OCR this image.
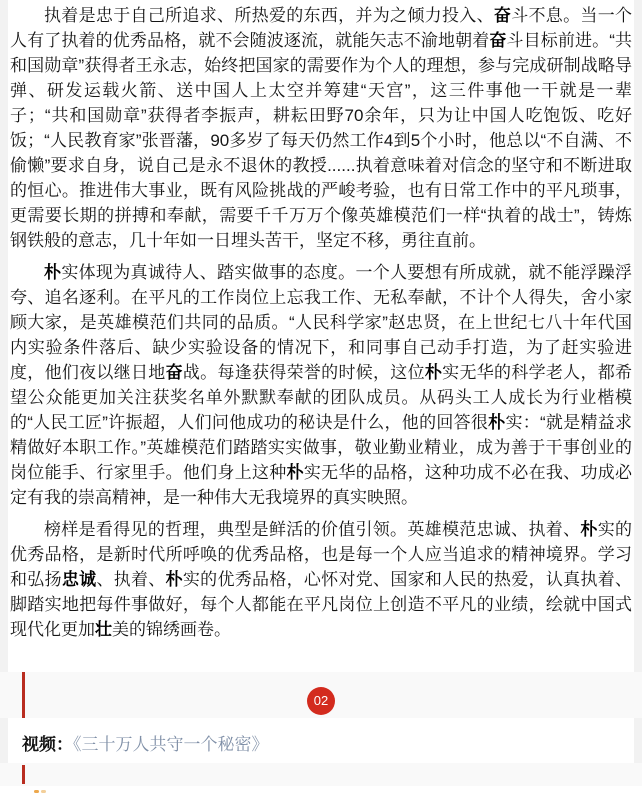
执着是忠于自己所追求、所热爱的东西，并为之倾力投入、奋斗不息。当一个人有了执着的优秀品格，就不会随波逐流，就能矢志不渝地朝着奋斗目标前进。“共和国勋章”获得者王永志，始终把国家的需要作为个人的理想，参与完成研制战略导弹、研发运载火箭、送中国人上太空并筹建“天宫”，这三件事他一干就是一辈子；“共和国勋章”获得者李振声，耕耘田野70余年，只为让中国人吃饱饭、吃好饭；“人民教育家”张晋藩，90多岁了每天仍然工作4到5个小时，他总以“不自满、不偷懒”要求自身，说自己是永不退休的教授......执着意味着对信念的坚守和不断进取的恒心。推进伟大事业，既有风险挑战的严峻考验，也有日常工作中的平凡琐事，更需要长期的拼搏和奉献，需要千千万万个像英雄模范们一样“执着的战士”，铸炼钢铁般的意志，几十年如一日埋头苦干，坚定不移，勇往直前。

朴实体现为真诚待人、踏实做事的态度。一个人要想有所成就，就不能浮躁浮夸、追名逐利。在平凡的工作岗位上忘我工作、无私奉献，不计个人得失，舍小家顾大家，是英雄模范们共同的品质。“人民科学家”赵忠贤，在上世纪七八十年代国内实验条件落后、缺少实验设备的情况下，和同事自己动手打造，为了赶实验进度，他们夜以继日地奋战。每逢获得荣誉的时候，这位朴实无华的科学老人，都希望公众能更加关注获奖名单外默默奉献的团队成员。从码头工人成长为行业楷模的“人民工匠”许振超，人们问他成功的秘诀是什么，他的回答很朴实：“就是精益求精做好本职工作。”英雄模范们踏踏实实做事，敬业勤业精业，成为善于干事创业的岗位能手、行家里手。他们身上这种朴实无华的品格，这种功成不必在我、功成必定有我的崇高精神，是一种伟大无我境界的真实映照。

榜样是看得见的哲理，典型是鲜活的价值引领。英雄模范忠诚、执着、朴实的优秀品格，是新时代所呼唤的优秀品格，也是每一个人应当追求的精神境界。学习和弘扬忠诚、执着、朴实的优秀品格，心怀对党、国家和人民的热爱，认真执着、脚踏实地把每件事做好，每个人都能在平凡岗位上创造不平凡的业绩，绘就中国式现代化更加壮美的锦绣画卷。

02
视频：《三十万人共守一个秘密》
